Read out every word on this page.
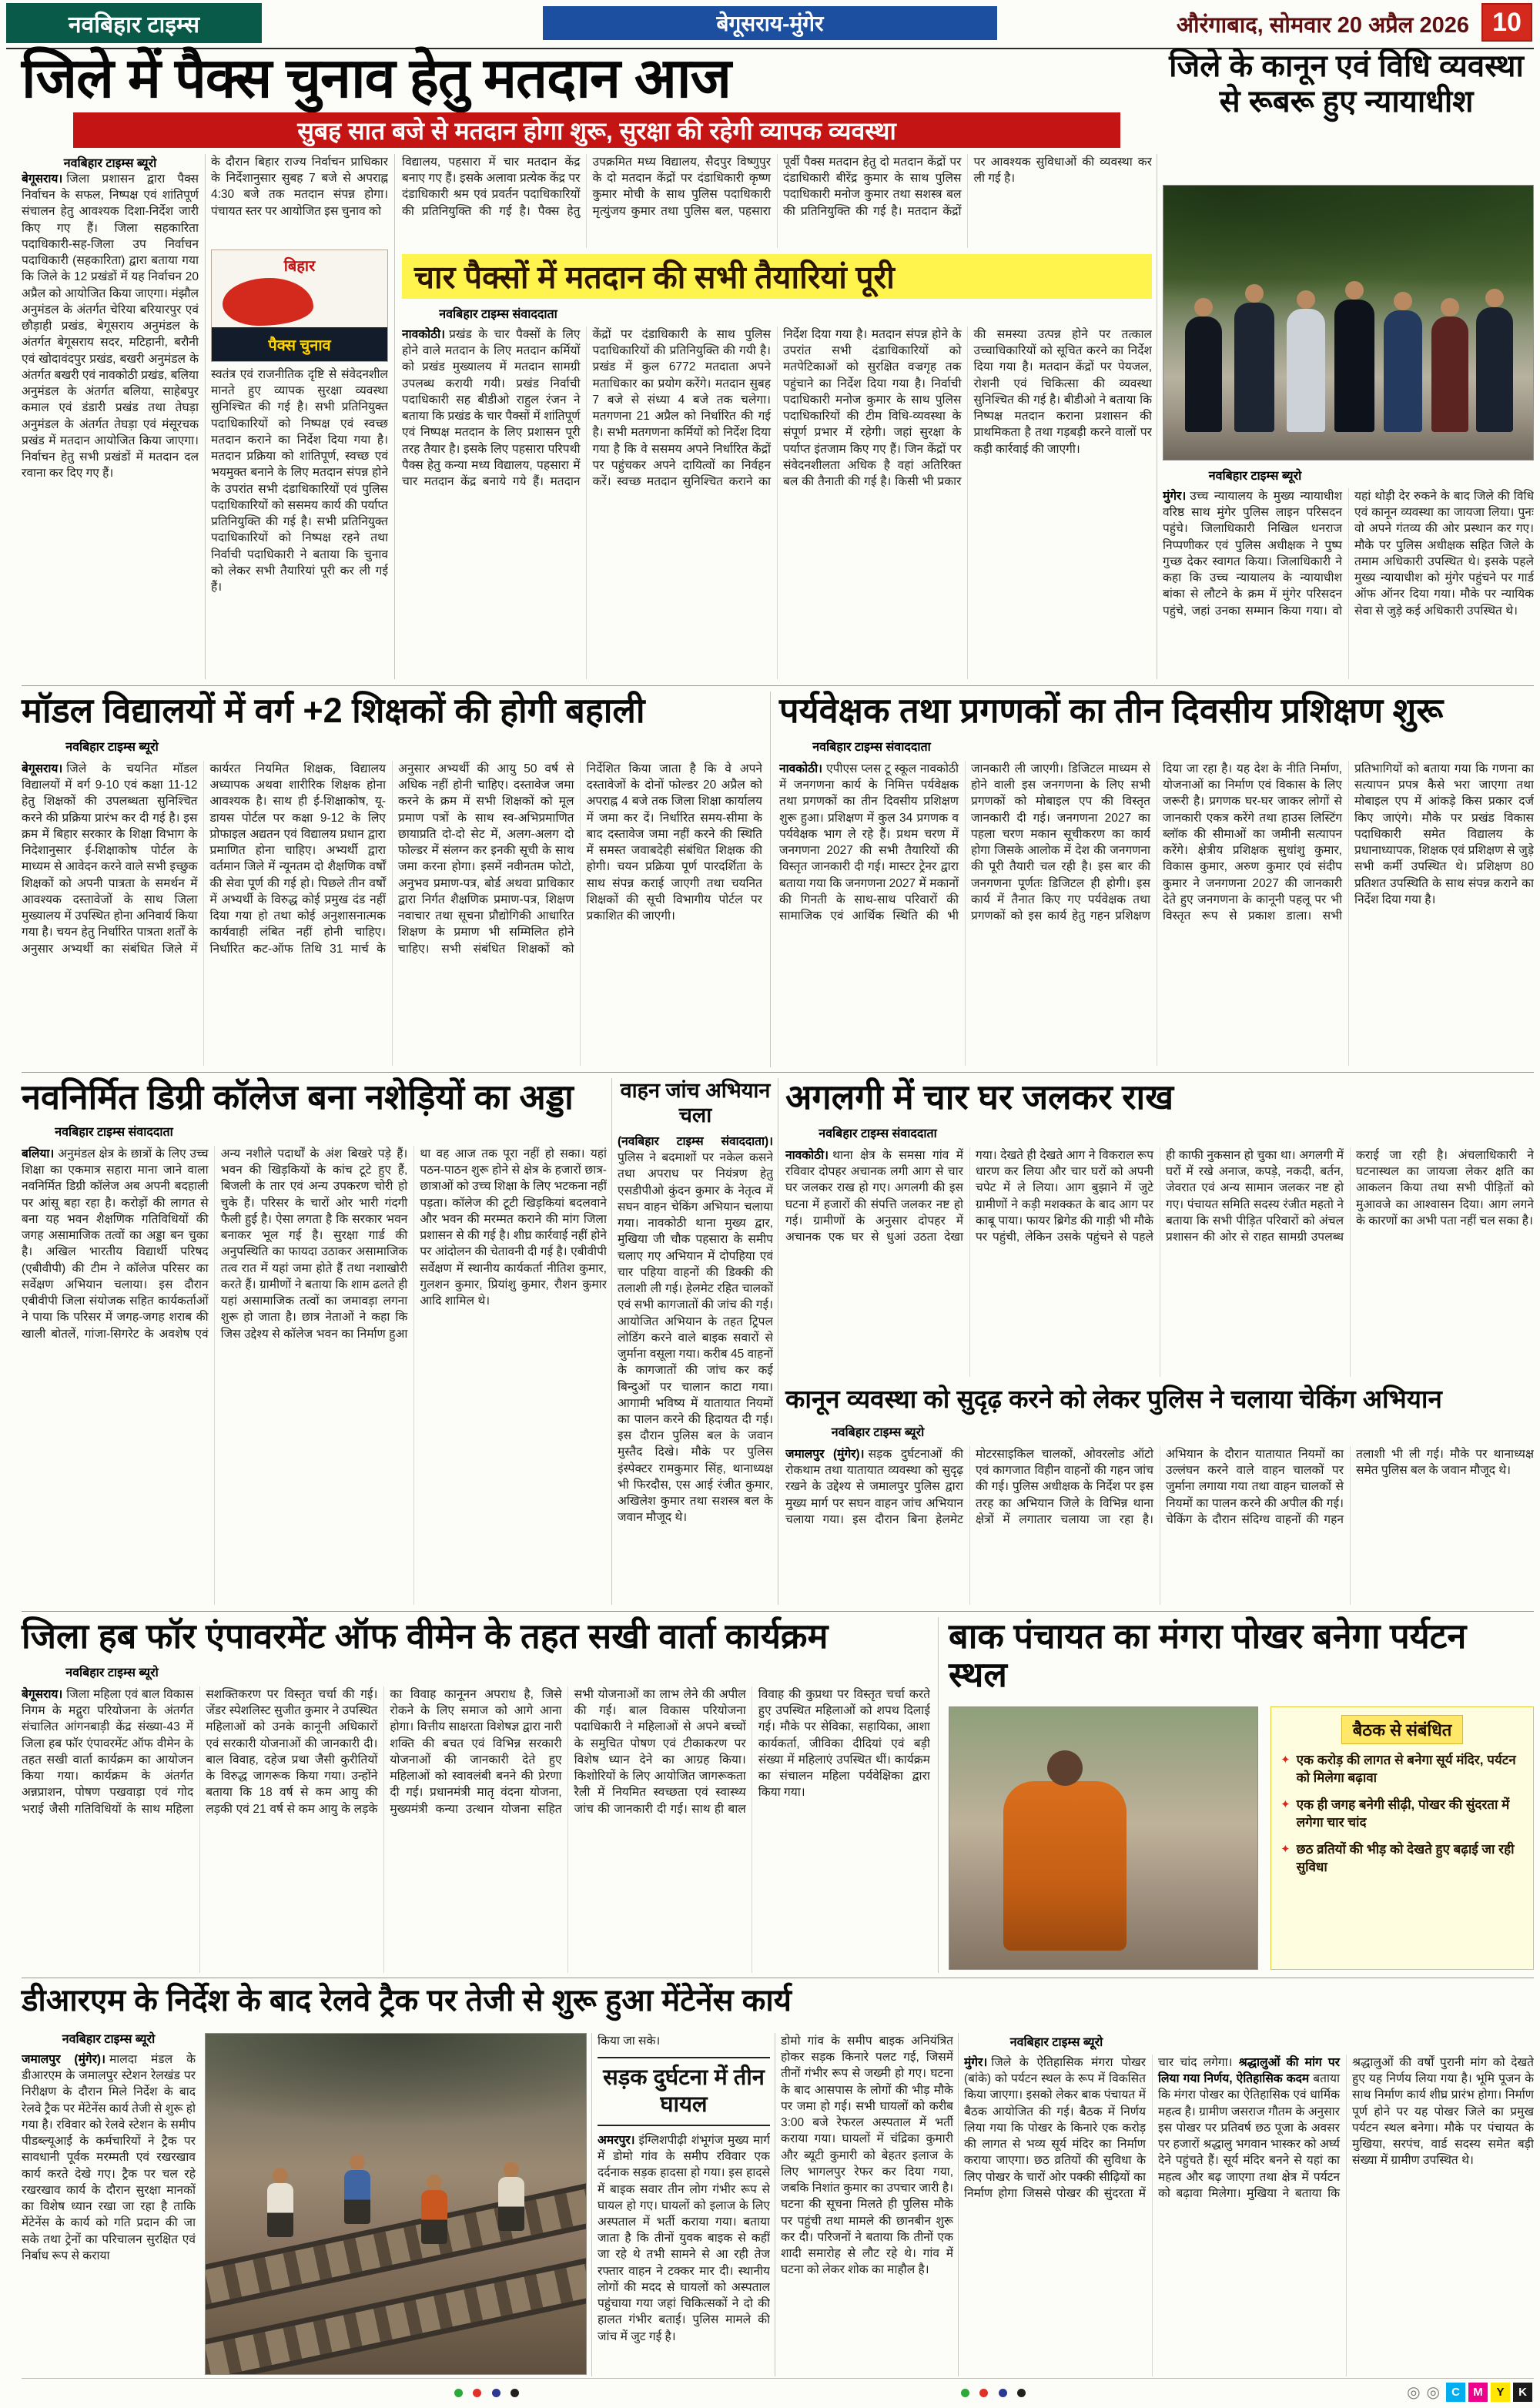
नवबिहार टाइम्स	बेगूसराय-मुंगेर	औरंगाबाद, सोमवार 20 अप्रैल 2026 10
जिले में पैक्स चुनाव हेतु मतदान आज	जिले के कानून एवं विधि व्यवस्था से रूबरू हुए न्यायाधीश
सुबह सात बजे से मतदान होगा शुरू, सुरक्षा की रहेगी व्यापक व्यवस्था
नवबिहार टाइम्स ब्यूरो
बेगूसराय। जिला प्रशासन द्वारा पैक्स निर्वाचन के सफल, निष्पक्ष एवं शांतिपूर्ण संचालन हेतु आवश्यक दिशा-निर्देश जारी किए गए हैं। जिला सहकारिता पदाधिकारी-सह-जिला उप निर्वाचन पदाधिकारी (सहकारिता) द्वारा बताया गया कि जिले के 12 प्रखंडों में यह निर्वाचन 20 अप्रैल को आयोजित किया जाएगा। मंझौल अनुमंडल के अंतर्गत चेरिया बरियारपुर एवं छौड़ाही प्रखंड, बेगूसराय अनुमंडल के अंतर्गत बेगूसराय सदर, मटिहानी, बरौनी एवं खोदावंदपुर प्रखंड, बखरी अनुमंडल के अंतर्गत बखरी एवं नावकोठी प्रखंड, बलिया अनुमंडल के अंतर्गत बलिया, साहेबपुर कमाल एवं डंडारी प्रखंड तथा तेघड़ा अनुमंडल के अंतर्गत तेघड़ा एवं मंसूरचक प्रखंड में मतदान आयोजित किया जाएगा। निर्वाचन हेतु सभी प्रखंडों में मतदान दल रवाना कर दिए गए हैं।
के दौरान बिहार राज्य निर्वाचन प्राधिकार के निर्देशानुसार सुबह 7 बजे से अपराह्न 4:30 बजे तक मतदान संपन्न होगा। पंचायत स्तर पर आयोजित इस चुनाव को
बिहार
पैक्स चुनाव
स्वतंत्र एवं राजनीतिक दृष्टि से संवेदनशील मानते हुए व्यापक सुरक्षा व्यवस्था सुनिश्चित की गई है। सभी प्रतिनियुक्त पदाधिकारियों को निष्पक्ष एवं स्वच्छ मतदान कराने का निर्देश दिया गया है। मतदान प्रक्रिया को शांतिपूर्ण, स्वच्छ एवं भयमुक्त बनाने के लिए मतदान संपन्न होने के उपरांत सभी दंडाधिकारियों एवं पुलिस पदाधिकारियों को ससमय कार्य की पर्याप्त प्रतिनियुक्ति की गई है। सभी प्रतिनियुक्त पदाधिकारियों को निष्पक्ष रहने तथा निर्वाची पदाधिकारी ने बताया कि चुनाव को लेकर सभी तैयारियां पूरी कर ली गई हैं।
विद्यालय, पहसारा में चार मतदान केंद्र बनाए गए हैं। इसके अलावा प्रत्येक केंद्र पर दंडाधिकारी श्रम एवं प्रवर्तन पदाधिकारियों की प्रतिनियुक्ति की गई है। पैक्स हेतु उपक्रमित मध्य विद्यालय, सैदपुर विष्णुपुर के दो मतदान केंद्रों पर दंडाधिकारी कृष्ण कुमार मोची के साथ पुलिस पदाधिकारी मृत्युंजय कुमार तथा पुलिस बल, पहसारा पूर्वी पैक्स मतदान हेतु दो मतदान केंद्रों पर दंडाधिकारी बीरेंद्र कुमार के साथ पुलिस पदाधिकारी मनोज कुमार तथा सशस्त्र बल की प्रतिनियुक्ति की गई है। मतदान केंद्रों पर आवश्यक सुविधाओं की व्यवस्था कर ली गई है।
चार पैक्सों में मतदान की सभी तैयारियां पूरी
नवबिहार टाइम्स संवाददाता
नावकोठी। प्रखंड के चार पैक्सों के लिए होने वाले मतदान के लिए मतदान कर्मियों को प्रखंड मुख्यालय में मतदान सामग्री उपलब्ध करायी गयी। प्रखंड निर्वाची पदाधिकारी सह बीडीओ राहुल रंजन ने बताया कि प्रखंड के चार पैक्सों में शांतिपूर्ण एवं निष्पक्ष मतदान के लिए प्रशासन पूरी तरह तैयार है। इसके लिए पहसारा परिपथी पैक्स हेतु कन्या मध्य विद्यालय, पहसारा में चार मतदान केंद्र बनाये गये हैं। मतदान केंद्रों पर दंडाधिकारी के साथ पुलिस पदाधिकारियों की प्रतिनियुक्ति की गयी है। प्रखंड में कुल 6772 मतदाता अपने मताधिकार का प्रयोग करेंगे। मतदान सुबह 7 बजे से संध्या 4 बजे तक चलेगा। मतगणना 21 अप्रैल को निर्धारित की गई है। सभी मतगणना कर्मियों को निर्देश दिया गया है कि वे ससमय अपने निर्धारित केंद्रों पर पहुंचकर अपने दायित्वों का निर्वहन करें। स्वच्छ मतदान सुनिश्चित कराने का निर्देश दिया गया है। मतदान संपन्न होने के उपरांत सभी दंडाधिकारियों को मतपेटिकाओं को सुरक्षित वज्रगृह तक पहुंचाने का निर्देश दिया गया है। निर्वाची पदाधिकारी मनोज कुमार के साथ पुलिस पदाधिकारियों की टीम विधि-व्यवस्था के संपूर्ण प्रभार में रहेगी। जहां सुरक्षा के पर्याप्त इंतजाम किए गए हैं। जिन केंद्रों पर संवेदनशीलता अधिक है वहां अतिरिक्त बल की तैनाती की गई है। किसी भी प्रकार की समस्या उत्पन्न होने पर तत्काल उच्चाधिकारियों को सूचित करने का निर्देश दिया गया है। मतदान केंद्रों पर पेयजल, रोशनी एवं चिकित्सा की व्यवस्था सुनिश्चित की गई है। बीडीओ ने बताया कि निष्पक्ष मतदान कराना प्रशासन की प्राथमिकता है तथा गड़बड़ी करने वालों पर कड़ी कार्रवाई की जाएगी।
नवबिहार टाइम्स ब्यूरो
मुंगेर। उच्च न्यायालय के मुख्य न्यायाधीश वरिष्ठ साथ मुंगेर पुलिस लाइन परिसदन पहुंचे। जिलाधिकारी निखिल धनराज निप्पणीकर एवं पुलिस अधीक्षक ने पुष्प गुच्छ देकर स्वागत किया। जिलाधिकारी ने कहा कि उच्च न्यायालय के न्यायाधीश बांका से लौटने के क्रम में मुंगेर परिसदन पहुंचे, जहां उनका सम्मान किया गया। वो यहां थोड़ी देर रुकने के बाद जिले की विधि एवं कानून व्यवस्था का जायजा लिया। पुनः वो अपने गंतव्य की ओर प्रस्थान कर गए। मौके पर पुलिस अधीक्षक सहित जिले के तमाम अधिकारी उपस्थित थे। इसके पहले मुख्य न्यायाधीश को मुंगेर पहुंचने पर गार्ड ऑफ ऑनर दिया गया। मौके पर न्यायिक सेवा से जुड़े कई अधिकारी उपस्थित थे।
मॉडल विद्यालयों में वर्ग +2 शिक्षकों की होगी बहाली
नवबिहार टाइम्स ब्यूरो
बेगूसराय। जिले के चयनित मॉडल विद्यालयों में वर्ग 9-10 एवं कक्षा 11-12 हेतु शिक्षकों की उपलब्धता सुनिश्चित करने की प्रक्रिया प्रारंभ कर दी गई है। इस क्रम में बिहार सरकार के शिक्षा विभाग के निदेशानुसार ई-शिक्षाकोष पोर्टल के माध्यम से आवेदन करने वाले सभी इच्छुक शिक्षकों को अपनी पात्रता के समर्थन में आवश्यक दस्तावेजों के साथ जिला मुख्यालय में उपस्थित होना अनिवार्य किया गया है। चयन हेतु निर्धारित पात्रता शर्तों के अनुसार अभ्यर्थी का संबंधित जिले में कार्यरत नियमित शिक्षक, विद्यालय अध्यापक अथवा शारीरिक शिक्षक होना आवश्यक है। साथ ही ई-शिक्षाकोष, यू-डायस पोर्टल पर कक्षा 9-12 के लिए प्रोफाइल अद्यतन एवं विद्यालय प्रधान द्वारा प्रमाणित होना चाहिए। अभ्यर्थी द्वारा वर्तमान जिले में न्यूनतम दो शैक्षणिक वर्षों की सेवा पूर्ण की गई हो। पिछले तीन वर्षों में अभ्यर्थी के विरुद्ध कोई प्रमुख दंड नहीं दिया गया हो तथा कोई अनुशासनात्मक कार्यवाही लंबित नहीं होनी चाहिए। निर्धारित कट-ऑफ तिथि 31 मार्च के अनुसार अभ्यर्थी की आयु 50 वर्ष से अधिक नहीं होनी चाहिए। दस्तावेज जमा करने के क्रम में सभी शिक्षकों को मूल प्रमाण पत्रों के साथ स्व-अभिप्रमाणित छायाप्रति दो-दो सेट में, अलग-अलग दो फोल्डर में संलग्न कर इनकी सूची के साथ जमा करना होगा। इसमें नवीनतम फोटो, अनुभव प्रमाण-पत्र, बोर्ड अथवा प्राधिकार द्वारा निर्गत शैक्षणिक प्रमाण-पत्र, शिक्षण नवाचार तथा सूचना प्रौद्योगिकी आधारित शिक्षण के प्रमाण भी सम्मिलित होने चाहिए। सभी संबंधित शिक्षकों को निर्देशित किया जाता है कि वे अपने दस्तावेजों के दोनों फोल्डर 20 अप्रैल को अपराह्न 4 बजे तक जिला शिक्षा कार्यालय में जमा कर दें। निर्धारित समय-सीमा के बाद दस्तावेज जमा नहीं करने की स्थिति में समस्त जवाबदेही संबंधित शिक्षक की होगी। चयन प्रक्रिया पूर्ण पारदर्शिता के साथ संपन्न कराई जाएगी तथा चयनित शिक्षकों की सूची विभागीय पोर्टल पर प्रकाशित की जाएगी।
पर्यवेक्षक तथा प्रगणकों का तीन दिवसीय प्रशिक्षण शुरू
नवबिहार टाइम्स संवाददाता
नावकोठी। एपीएस प्लस टू स्कूल नावकोठी में जनगणना कार्य के निमित्त पर्यवेक्षक तथा प्रगणकों का तीन दिवसीय प्रशिक्षण शुरू हुआ। प्रशिक्षण में कुल 34 प्रगणक व पर्यवेक्षक भाग ले रहे हैं। प्रथम चरण में जनगणना 2027 की सभी तैयारियों की विस्तृत जानकारी दी गई। मास्टर ट्रेनर द्वारा बताया गया कि जनगणना 2027 में मकानों की गिनती के साथ-साथ परिवारों की सामाजिक एवं आर्थिक स्थिति की भी जानकारी ली जाएगी। डिजिटल माध्यम से होने वाली इस जनगणना के लिए सभी प्रगणकों को मोबाइल एप की विस्तृत जानकारी दी गई। जनगणना 2027 का पहला चरण मकान सूचीकरण का कार्य होगा जिसके आलोक में देश की जनगणना की पूरी तैयारी चल रही है। इस बार की जनगणना पूर्णतः डिजिटल ही होगी। इस कार्य में तैनात किए गए पर्यवेक्षक तथा प्रगणकों को इस कार्य हेतु गहन प्रशिक्षण दिया जा रहा है। यह देश के नीति निर्माण, योजनाओं का निर्माण एवं विकास के लिए जरूरी है। प्रगणक घर-घर जाकर लोगों से जानकारी एकत्र करेंगे तथा हाउस लिस्टिंग ब्लॉक की सीमाओं का जमीनी सत्यापन करेंगे। क्षेत्रीय प्रशिक्षक सुधांशु कुमार, विकास कुमार, अरुण कुमार एवं संदीप कुमार ने जनगणना 2027 की जानकारी देते हुए जनगणना के कानूनी पहलू पर भी विस्तृत रूप से प्रकाश डाला। सभी प्रतिभागियों को बताया गया कि गणना का सत्यापन प्रपत्र कैसे भरा जाएगा तथा मोबाइल एप में आंकड़े किस प्रकार दर्ज किए जाएंगे। मौके पर प्रखंड विकास पदाधिकारी समेत विद्यालय के प्रधानाध्यापक, शिक्षक एवं प्रशिक्षण से जुड़े सभी कर्मी उपस्थित थे। प्रशिक्षण 80 प्रतिशत उपस्थिति के साथ संपन्न कराने का निर्देश दिया गया है।
नवनिर्मित डिग्री कॉलेज बना नशेड़ियों का अड्डा
नवबिहार टाइम्स संवाददाता
बलिया। अनुमंडल क्षेत्र के छात्रों के लिए उच्च शिक्षा का एकमात्र सहारा माना जाने वाला नवनिर्मित डिग्री कॉलेज अब अपनी बदहाली पर आंसू बहा रहा है। करोड़ों की लागत से बना यह भवन शैक्षणिक गतिविधियों की जगह असामाजिक तत्वों का अड्डा बन चुका है। अखिल भारतीय विद्यार्थी परिषद (एबीवीपी) की टीम ने कॉलेज परिसर का सर्वेक्षण अभियान चलाया। इस दौरान एबीवीपी जिला संयोजक सहित कार्यकर्ताओं ने पाया कि परिसर में जगह-जगह शराब की खाली बोतलें, गांजा-सिगरेट के अवशेष एवं अन्य नशीले पदार्थों के अंश बिखरे पड़े हैं। भवन की खिड़कियों के कांच टूटे हुए हैं, बिजली के तार एवं अन्य उपकरण चोरी हो चुके हैं। परिसर के चारों ओर भारी गंदगी फैली हुई है। ऐसा लगता है कि सरकार भवन बनाकर भूल गई है। सुरक्षा गार्ड की अनुपस्थिति का फायदा उठाकर असामाजिक तत्व रात में यहां जमा होते हैं तथा नशाखोरी करते हैं। ग्रामीणों ने बताया कि शाम ढलते ही यहां असामाजिक तत्वों का जमावड़ा लगना शुरू हो जाता है। छात्र नेताओं ने कहा कि जिस उद्देश्य से कॉलेज भवन का निर्माण हुआ था वह आज तक पूरा नहीं हो सका। यहां पठन-पाठन शुरू होने से क्षेत्र के हजारों छात्र-छात्राओं को उच्च शिक्षा के लिए भटकना नहीं पड़ता। कॉलेज की टूटी खिड़कियां बदलवाने और भवन की मरम्मत कराने की मांग जिला प्रशासन से की गई है। शीघ्र कार्रवाई नहीं होने पर आंदोलन की चेतावनी दी गई है। एबीवीपी सर्वेक्षण में स्थानीय कार्यकर्ता नीतिश कुमार, गुलशन कुमार, प्रियांशु कुमार, रौशन कुमार आदि शामिल थे।
वाहन जांच अभियान चला
(नवबिहार टाइम्स संवाददाता)। पुलिस ने बदमाशों पर नकेल कसने तथा अपराध पर नियंत्रण हेतु एसडीपीओ कुंदन कुमार के नेतृत्व में सघन वाहन चेकिंग अभियान चलाया गया। नावकोठी थाना मुख्य द्वार, मुखिया जी चौक पहसारा के समीप चलाए गए अभियान में दोपहिया एवं चार पहिया वाहनों की डिक्की की तलाशी ली गई। हेलमेट रहित चालकों एवं सभी कागजातों की जांच की गई। आयोजित अभियान के तहत ट्रिपल लोडिंग करने वाले बाइक सवारों से जुर्माना वसूला गया। करीब 45 वाहनों के कागजातों की जांच कर कई बिन्दुओं पर चालान काटा गया। आगामी भविष्य में यातायात नियमों का पालन करने की हिदायत दी गई। इस दौरान पुलिस बल के जवान मुस्तैद दिखे। मौके पर पुलिस इंस्पेक्टर रामकुमार सिंह, थानाध्यक्ष भी फिरदौस, एस आई रंजीत कुमार, अखिलेश कुमार तथा सशस्त्र बल के जवान मौजूद थे।
अगलगी में चार घर जलकर राख
नवबिहार टाइम्स संवाददाता
नावकोठी। थाना क्षेत्र के समसा गांव में रविवार दोपहर अचानक लगी आग से चार घर जलकर राख हो गए। अगलगी की इस घटना में हजारों की संपत्ति जलकर नष्ट हो गई। ग्रामीणों के अनुसार दोपहर में अचानक एक घर से धुआं उठता देखा गया। देखते ही देखते आग ने विकराल रूप धारण कर लिया और चार घरों को अपनी चपेट में ले लिया। आग बुझाने में जुटे ग्रामीणों ने कड़ी मशक्कत के बाद आग पर काबू पाया। फायर ब्रिगेड की गाड़ी भी मौके पर पहुंची, लेकिन उसके पहुंचने से पहले ही काफी नुकसान हो चुका था। अगलगी में घरों में रखे अनाज, कपड़े, नकदी, बर्तन, जेवरात एवं अन्य सामान जलकर नष्ट हो गए। पंचायत समिति सदस्य रंजीत महतो ने बताया कि सभी पीड़ित परिवारों को अंचल प्रशासन की ओर से राहत सामग्री उपलब्ध कराई जा रही है। अंचलाधिकारी ने घटनास्थल का जायजा लेकर क्षति का आकलन किया तथा सभी पीड़ितों को मुआवजे का आश्वासन दिया। आग लगने के कारणों का अभी पता नहीं चल सका है।
कानून व्यवस्था को सुदृढ़ करने को लेकर पुलिस ने चलाया चेकिंग अभियान
नवबिहार टाइम्स ब्यूरो
जमालपुर (मुंगेर)। सड़क दुर्घटनाओं की रोकथाम तथा यातायात व्यवस्था को सुदृढ़ रखने के उद्देश्य से जमालपुर पुलिस द्वारा मुख्य मार्ग पर सघन वाहन जांच अभियान चलाया गया। इस दौरान बिना हेलमेट मोटरसाइकिल चालकों, ओवरलोड ऑटो एवं कागजात विहीन वाहनों की गहन जांच की गई। पुलिस अधीक्षक के निर्देश पर इस तरह का अभियान जिले के विभिन्न थाना क्षेत्रों में लगातार चलाया जा रहा है। अभियान के दौरान यातायात नियमों का उल्लंघन करने वाले वाहन चालकों पर जुर्माना लगाया गया तथा वाहन चालकों से नियमों का पालन करने की अपील की गई। चेकिंग के दौरान संदिग्ध वाहनों की गहन तलाशी भी ली गई। मौके पर थानाध्यक्ष समेत पुलिस बल के जवान मौजूद थे।
जिला हब फॉर एंपावरमेंट ऑफ वीमेन के तहत सखी वार्ता कार्यक्रम
नवबिहार टाइम्स ब्यूरो
बेगूसराय। जिला महिला एवं बाल विकास निगम के मद्गुरा परियोजना के अंतर्गत संचालित आंगनबाड़ी केंद्र संख्या-43 में जिला हब फॉर एंपावरमेंट ऑफ वीमेन के तहत सखी वार्ता कार्यक्रम का आयोजन किया गया। कार्यक्रम के अंतर्गत अन्नप्राशन, पोषण पखवाड़ा एवं गोद भराई जैसी गतिविधियों के साथ महिला सशक्तिकरण पर विस्तृत चर्चा की गई। जेंडर स्पेशलिस्ट सुजीत कुमार ने उपस्थित महिलाओं को उनके कानूनी अधिकारों एवं सरकारी योजनाओं की जानकारी दी। बाल विवाह, दहेज प्रथा जैसी कुरीतियों के विरुद्ध जागरूक किया गया। उन्होंने बताया कि 18 वर्ष से कम आयु की लड़की एवं 21 वर्ष से कम आयु के लड़के का विवाह कानूनन अपराध है, जिसे रोकने के लिए समाज को आगे आना होगा। वित्तीय साक्षरता विशेषज्ञ द्वारा नारी शक्ति की बचत एवं विभिन्न सरकारी योजनाओं की जानकारी देते हुए महिलाओं को स्वावलंबी बनने की प्रेरणा दी गई। प्रधानमंत्री मातृ वंदना योजना, मुख्यमंत्री कन्या उत्थान योजना सहित सभी योजनाओं का लाभ लेने की अपील की गई। बाल विकास परियोजना पदाधिकारी ने महिलाओं से अपने बच्चों के समुचित पोषण एवं टीकाकरण पर विशेष ध्यान देने का आग्रह किया। किशोरियों के लिए आयोजित जागरूकता रैली में नियमित स्वच्छता एवं स्वास्थ्य जांच की जानकारी दी गई। साथ ही बाल विवाह की कुप्रथा पर विस्तृत चर्चा करते हुए उपस्थित महिलाओं को शपथ दिलाई गई। मौके पर सेविका, सहायिका, आशा कार्यकर्ता, जीविका दीदियां एवं बड़ी संख्या में महिलाएं उपस्थित थीं। कार्यक्रम का संचालन महिला पर्यवेक्षिका द्वारा किया गया।
बाक पंचायत का मंगरा पोखर बनेगा पर्यटन स्थल
बैठक से संबंधित
✦ एक करोड़ की लागत से बनेगा सूर्य मंदिर, पर्यटन को मिलेगा बढ़ावा
✦ एक ही जगह बनेगी सीढ़ी, पोखर की सुंदरता में लगेगा चार चांद
✦ छठ व्रतियों की भीड़ को देखते हुए बढ़ाई जा रही सुविधा
डीआरएम के निर्देश के बाद रेलवे ट्रैक पर तेजी से शुरू हुआ मेंटेनेंस कार्य
नवबिहार टाइम्स ब्यूरो
जमालपुर (मुंगेर)। मालदा मंडल के डीआरएम के जमालपुर स्टेशन रेलखंड पर निरीक्षण के दौरान मिले निर्देश के बाद रेलवे ट्रैक पर मेंटेनेंस कार्य तेजी से शुरू हो गया है। रविवार को रेलवे स्टेशन के समीप पीडब्ल्यूआई के कर्मचारियों ने ट्रैक पर सावधानी पूर्वक मरम्मती एवं रखरखाव कार्य करते देखे गए। ट्रैक पर चल रहे रखरखाव कार्य के दौरान सुरक्षा मानकों का विशेष ध्यान रखा जा रहा है ताकि मेंटेनेंस के कार्य को गति प्रदान की जा सके तथा ट्रेनों का परिचालन सुरक्षित एवं निर्बाध रूप से कराया
किया जा सके।
सड़क दुर्घटना में तीन घायल
अमरपुर। इंग्लिशपीढ़ी शंभूगंज मुख्य मार्ग में डोमो गांव के समीप रविवार एक दर्दनाक सड़क हादसा हो गया। इस हादसे में बाइक सवार तीन लोग गंभीर रूप से घायल हो गए। घायलों को इलाज के लिए अस्पताल में भर्ती कराया गया। बताया जाता है कि तीनों युवक बाइक से कहीं जा रहे थे तभी सामने से आ रही तेज रफ्तार वाहन ने टक्कर मार दी। स्थानीय लोगों की मदद से घायलों को अस्पताल पहुंचाया गया जहां चिकित्सकों ने दो की हालत गंभीर बताई। पुलिस मामले की जांच में जुट गई है।
डोमो गांव के समीप बाइक अनियंत्रित होकर सड़क किनारे पलट गई, जिसमें तीनों गंभीर रूप से जख्मी हो गए। घटना के बाद आसपास के लोगों की भीड़ मौके पर जमा हो गई। सभी घायलों को करीब 3:00 बजे रेफरल अस्पताल में भर्ती कराया गया। घायलों में चंद्रिका कुमारी और ब्यूटी कुमारी को बेहतर इलाज के लिए भागलपुर रेफर कर दिया गया, जबकि निशांत कुमार का उपचार जारी है। घटना की सूचना मिलते ही पुलिस मौके पर पहुंची तथा मामले की छानबीन शुरू कर दी। परिजनों ने बताया कि तीनों एक शादी समारोह से लौट रहे थे। गांव में घटना को लेकर शोक का माहौल है।
नवबिहार टाइम्स ब्यूरो
मुंगेर। जिले के ऐतिहासिक मंगरा पोखर (बांके) को पर्यटन स्थल के रूप में विकसित किया जाएगा। इसको लेकर बाक पंचायत में बैठक आयोजित की गई। बैठक में निर्णय लिया गया कि पोखर के किनारे एक करोड़ की लागत से भव्य सूर्य मंदिर का निर्माण कराया जाएगा। छठ व्रतियों की सुविधा के लिए पोखर के चारों ओर पक्की सीढ़ियों का निर्माण होगा जिससे पोखर की सुंदरता में चार चांद लगेगा। श्रद्धालुओं की मांग पर लिया गया निर्णय, ऐतिहासिक कदम बताया कि मंगरा पोखर का ऐतिहासिक एवं धार्मिक महत्व है। ग्रामीण जसराज गौतम के अनुसार इस पोखर पर प्रतिवर्ष छठ पूजा के अवसर पर हजारों श्रद्धालु भगवान भास्कर को अर्घ्य देने पहुंचते हैं। सूर्य मंदिर बनने से यहां का महत्व और बढ़ जाएगा तथा क्षेत्र में पर्यटन को बढ़ावा मिलेगा। मुखिया ने बताया कि श्रद्धालुओं की वर्षों पुरानी मांग को देखते हुए यह निर्णय लिया गया है। भूमि पूजन के साथ निर्माण कार्य शीघ्र प्रारंभ होगा। निर्माण पूर्ण होने पर यह पोखर जिले का प्रमुख पर्यटन स्थल बनेगा। मौके पर पंचायत के मुखिया, सरपंच, वार्ड सदस्य समेत बड़ी संख्या में ग्रामीण उपस्थित थे।

◎ ◎	C	M	Y	K
